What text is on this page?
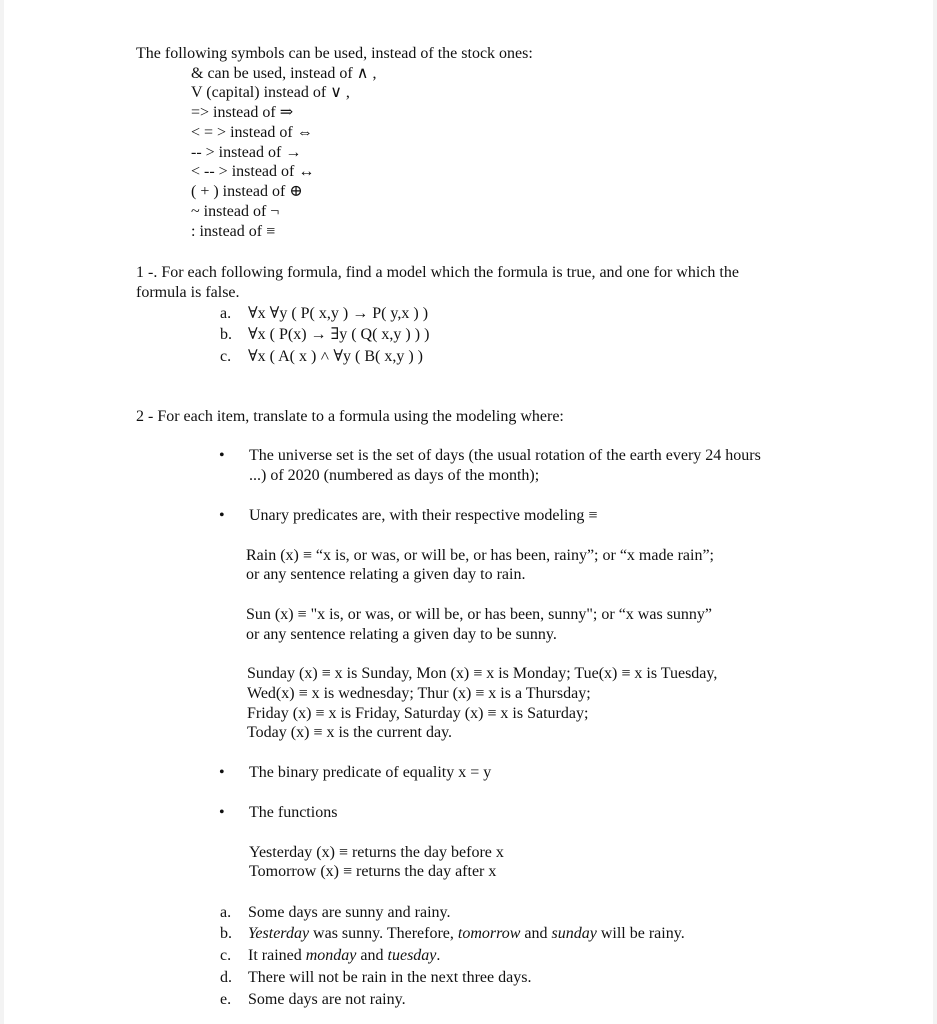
The following symbols can be used, instead of the stock ones:
& can be used, instead of ∧ ,
V (capital) instead of ∨ ,
=> instead of ⇒
< = > instead of ⇔
-- > instead of →
< -- > instead of ↔
( + ) instead of ⊕
~ instead of ¬
: instead of ≡
1 -. For each following formula, find a model which the formula is true, and one for which the
formula is false.
a. ∀x ∀y ( P( x,y ) → P( y,x ) )
b. ∀x ( P(x) → ∃y ( Q( x,y ) ) )
c. ∀x ( A( x ) ˄ ∀y ( B( x,y ) )
2 - For each item, translate to a formula using the modeling where:
• The universe set is the set of days (the usual rotation of the earth every 24 hours
...) of 2020 (numbered as days of the month);
• Unary predicates are, with their respective modeling ≡
Rain (x) ≡ “x is, or was, or will be, or has been, rainy”; or “x made rain”;
or any sentence relating a given day to rain.
Sun (x) ≡ "x is, or was, or will be, or has been, sunny"; or “x was sunny”
or any sentence relating a given day to be sunny.
Sunday (x) ≡ x is Sunday, Mon (x) ≡ x is Monday; Tue(x) ≡ x is Tuesday,
Wed(x) ≡ x is wednesday; Thur (x) ≡ x is a Thursday;
Friday (x) ≡ x is Friday, Saturday (x) ≡ x is Saturday;
Today (x) ≡ x is the current day.
• The binary predicate of equality x = y
• The functions
Yesterday (x) ≡ returns the day before x
Tomorrow (x) ≡ returns the day after x
a. Some days are sunny and rainy.
b. Yesterday was sunny. Therefore, tomorrow and sunday will be rainy.
c. It rained monday and tuesday.
d. There will not be rain in the next three days.
e. Some days are not rainy.
